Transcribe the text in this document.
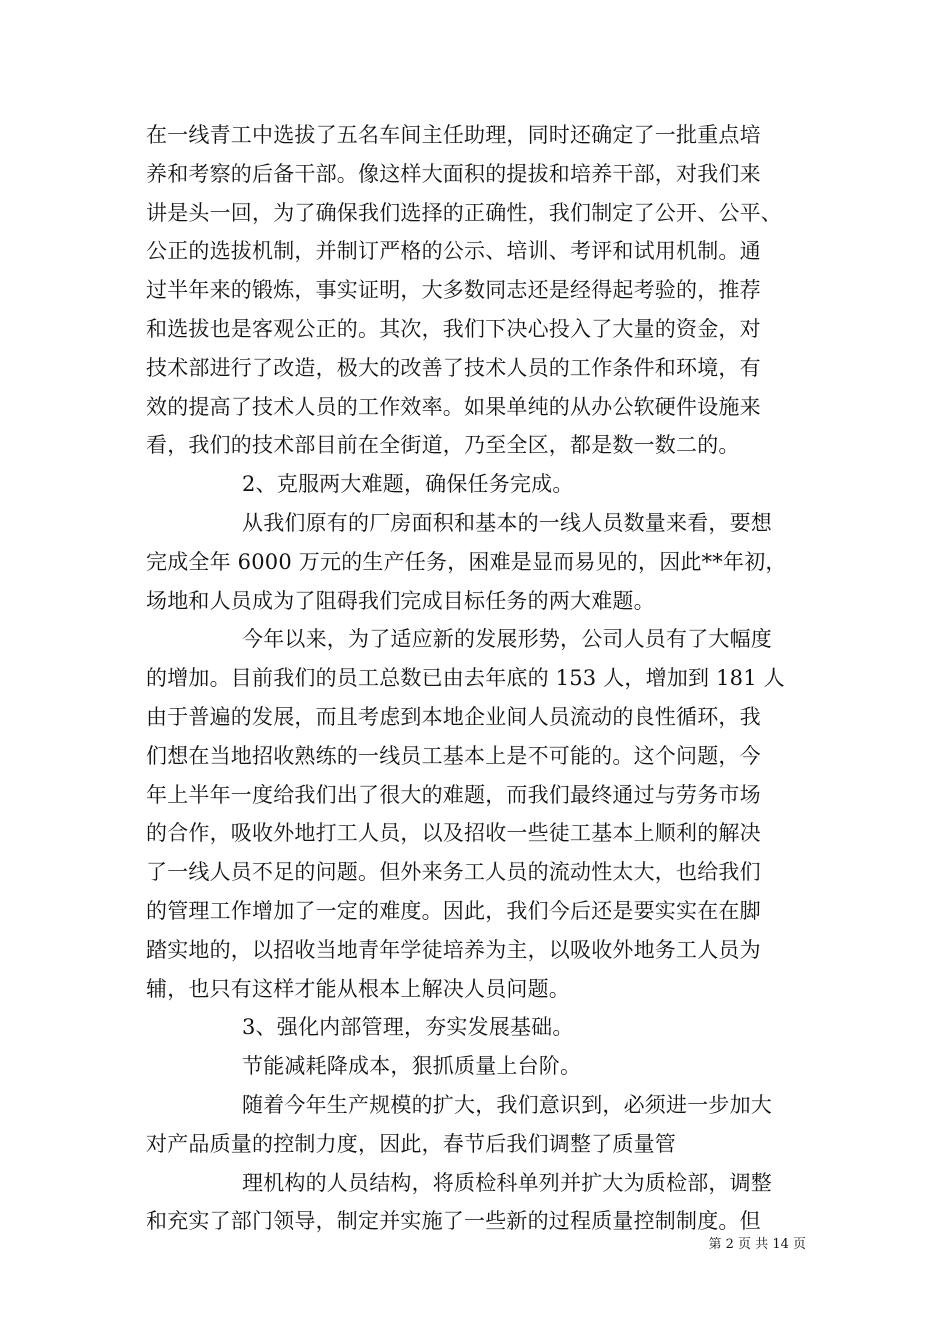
在一线青工中选拔了五名车间主任助理，同时还确定了一批重点培
养和考察的后备干部。像这样大面积的提拔和培养干部，对我们来
讲是头一回，为了确保我们选择的正确性，我们制定了公开、公平、
公正的选拔机制，并制订严格的公示、培训、考评和试用机制。通
过半年来的锻炼，事实证明，大多数同志还是经得起考验的，推荐
和选拔也是客观公正的。其次，我们下决心投入了大量的资金，对
技术部进行了改造，极大的改善了技术人员的工作条件和环境，有
效的提高了技术人员的工作效率。如果单纯的从办公软硬件设施来
看，我们的技术部目前在全街道，乃至全区，都是数一数二的。
2、克服两大难题，确保任务完成。
从我们原有的厂房面积和基本的一线人员数量来看，要想
完成全年 6000 万元的生产任务，困难是显而易见的，因此**年初，
场地和人员成为了阻碍我们完成目标任务的两大难题。
今年以来，为了适应新的发展形势，公司人员有了大幅度
的增加。目前我们的员工总数已由去年底的 153 人，增加到 181 人
由于普遍的发展，而且考虑到本地企业间人员流动的良性循环，我
们想在当地招收熟练的一线员工基本上是不可能的。这个问题，今
年上半年一度给我们出了很大的难题，而我们最终通过与劳务市场
的合作，吸收外地打工人员，以及招收一些徒工基本上顺利的解决
了一线人员不足的问题。但外来务工人员的流动性太大，也给我们
的管理工作增加了一定的难度。因此，我们今后还是要实实在在脚
踏实地的，以招收当地青年学徒培养为主，以吸收外地务工人员为
辅，也只有这样才能从根本上解决人员问题。
3、强化内部管理，夯实发展基础。
节能减耗降成本，狠抓质量上台阶。
随着今年生产规模的扩大，我们意识到，必须进一步加大
对产品质量的控制力度，因此，春节后我们调整了质量管
理机构的人员结构，将质检科单列并扩大为质检部，调整
和充实了部门领导，制定并实施了一些新的过程质量控制制度。但
第 2 页 共 14 页
